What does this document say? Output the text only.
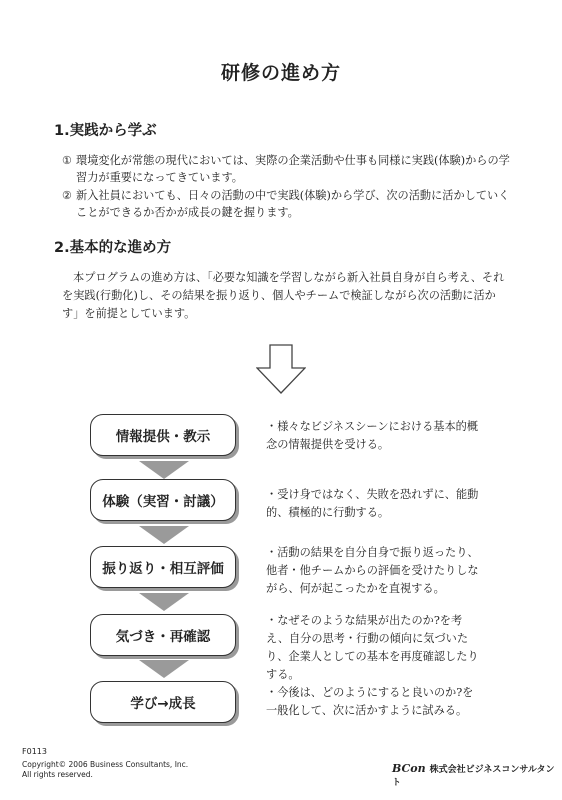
研修の進め方
1.実践から学ぶ
① 環境変化が常態の現代においては、実際の企業活動や仕事も同様に実践(体験)からの学習力が重要になってきています。
② 新入社員においても、日々の活動の中で実践(体験)から学び、次の活動に活かしていくことができるか否かが成長の鍵を握ります。
2.基本的な進め方
本プログラムの進め方は、「必要な知識を学習しながら新入社員自身が自ら考え、それを実践(行動化)し、その結果を振り返り、個人やチームで検証しながら次の活動に活かす」を前提としています。
情報提供・教示
・様々なビジネスシーンにおける基本的概念の情報提供を受ける。
体験（実習・討議）	・受け身ではなく、失敗を恐れずに、能動的、積極的に行動する。
振り返り・相互評価
・活動の結果を自分自身で振り返ったり、他者・他チームからの評価を受けたりしながら、何が起こったかを直視する。
気づき・再確認
・なぜそのような結果が出たのか?を考え、自分の思考・行動の傾向に気づいたり、企業人としての基本を再度確認したりする。
学び→成長
・今後は、どのようにすると良いのか?を一般化して、次に活かすように試みる。
F0113
Copyright© 2006 Business Consultants, Inc.
All rights reserved.	BCon 株式会社ビジネスコンサルタント
